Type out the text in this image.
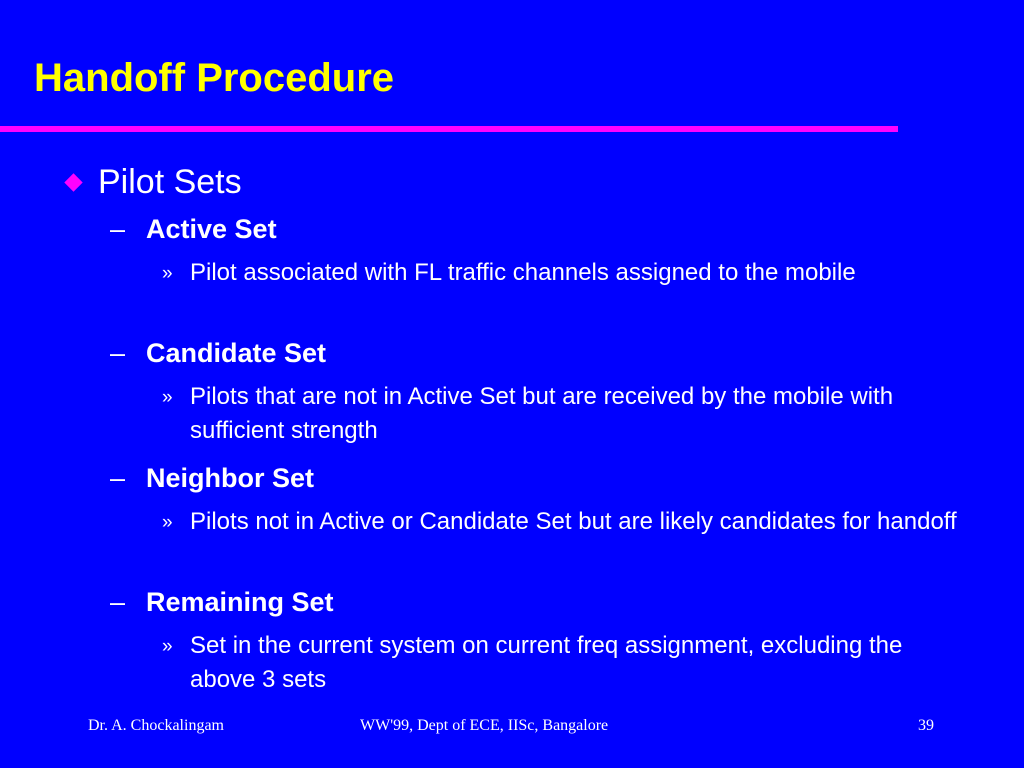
Handoff Procedure
Pilot Sets
– Active Set
» Pilot associated with FL traffic channels assigned to the mobile
– Candidate Set
» Pilots that are not in Active Set but are received by the mobile with sufficient strength
– Neighbor Set
» Pilots not in Active or Candidate Set but are likely candidates for handoff
– Remaining Set
» Set in the current system on current freq assignment, excluding the above 3 sets
Dr. A. Chockalingam	WW'99, Dept of ECE, IISc, Bangalore	39
